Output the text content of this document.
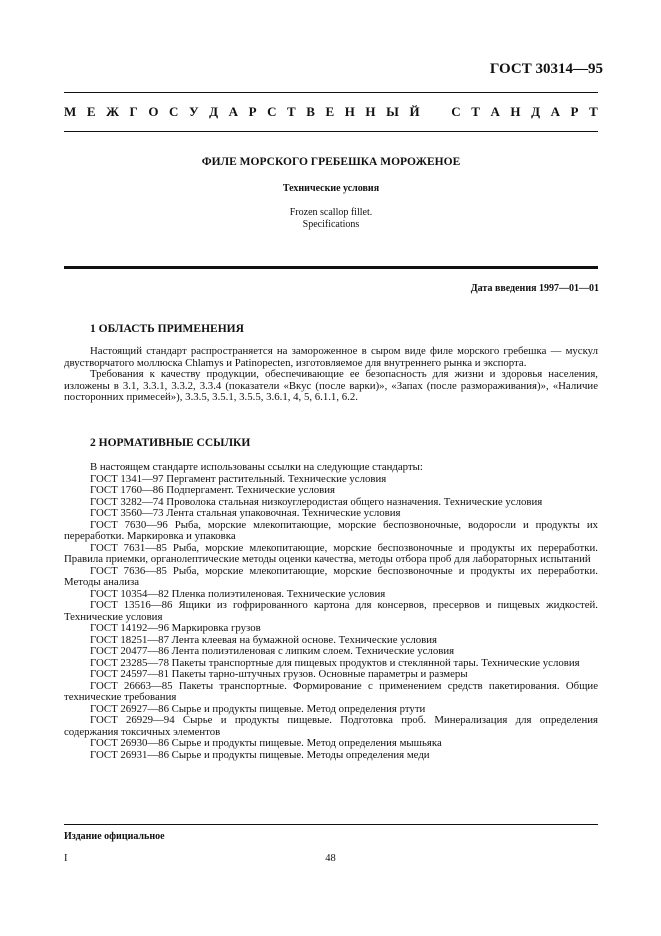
ГОСТ 30314—95
М Е Ж Г О С У Д А Р С Т В Е Н Н Ы Й С Т А Н Д А Р Т
ФИЛЕ МОРСКОГО ГРЕБЕШКА МОРОЖЕНОЕ
Технические условия
Frozen scallop fillet.
Specifications
Дата введения 1997—01—01
1 ОБЛАСТЬ ПРИМЕНЕНИЯ

Настоящий стандарт распространяется на замороженное в сыром виде филе морского гребешка — мускул двустворчатого моллюска Chlamys и Patinopecten, изготовляемое для внутреннего рынка и экспорта.

Требования к качеству продукции, обеспечивающие ее безопасность для жизни и здоровья населения, изложены в 3.1, 3.3.1, 3.3.2, 3.3.4 (показатели «Вкус (после варки)», «Запах (после размораживания)», «Наличие посторонних примесей»), 3.3.5, 3.5.1, 3.5.5, 3.6.1, 4, 5, 6.1.1, 6.2.

2 НОРМАТИВНЫЕ ССЫЛКИ

В настоящем стандарте использованы ссылки на следующие стандарты:

ГОСТ 1341—97 Пергамент растительный. Технические условия

ГОСТ 1760—86 Подпергамент. Технические условия

ГОСТ 3282—74 Проволока стальная низкоуглеродистая общего назначения. Технические условия

ГОСТ 3560—73 Лента стальная упаковочная. Технические условия

ГОСТ 7630—96 Рыба, морские млекопитающие, морские беспозвоночные, водоросли и продукты их переработки. Маркировка и упаковка

ГОСТ 7631—85 Рыба, морские млекопитающие, морские беспозвоночные и продукты их переработки. Правила приемки, органолептические методы оценки качества, методы отбора проб для лабораторных испытаний

ГОСТ 7636—85 Рыба, морские млекопитающие, морские беспозвоночные и продукты их переработки. Методы анализа

ГОСТ 10354—82 Пленка полиэтиленовая. Технические условия

ГОСТ 13516—86 Ящики из гофрированного картона для консервов, пресервов и пищевых жидкостей. Технические условия

ГОСТ 14192—96 Маркировка грузов

ГОСТ 18251—87 Лента клеевая на бумажной основе. Технические условия

ГОСТ 20477—86 Лента полиэтиленовая с липким слоем. Технические условия

ГОСТ 23285—78 Пакеты транспортные для пищевых продуктов и стеклянной тары. Технические условия

ГОСТ 24597—81 Пакеты тарно-штучных грузов. Основные параметры и размеры

ГОСТ 26663—85 Пакеты транспортные. Формирование с применением средств пакетирования. Общие технические требования

ГОСТ 26927—86 Сырье и продукты пищевые. Метод определения ртути

ГОСТ 26929—94 Сырье и продукты пищевые. Подготовка проб. Минерализация для определения содержания токсичных элементов

ГОСТ 26930—86 Сырье и продукты пищевые. Метод определения мышьяка

ГОСТ 26931—86 Сырье и продукты пищевые. Методы определения меди

Издание официальное
I	48
